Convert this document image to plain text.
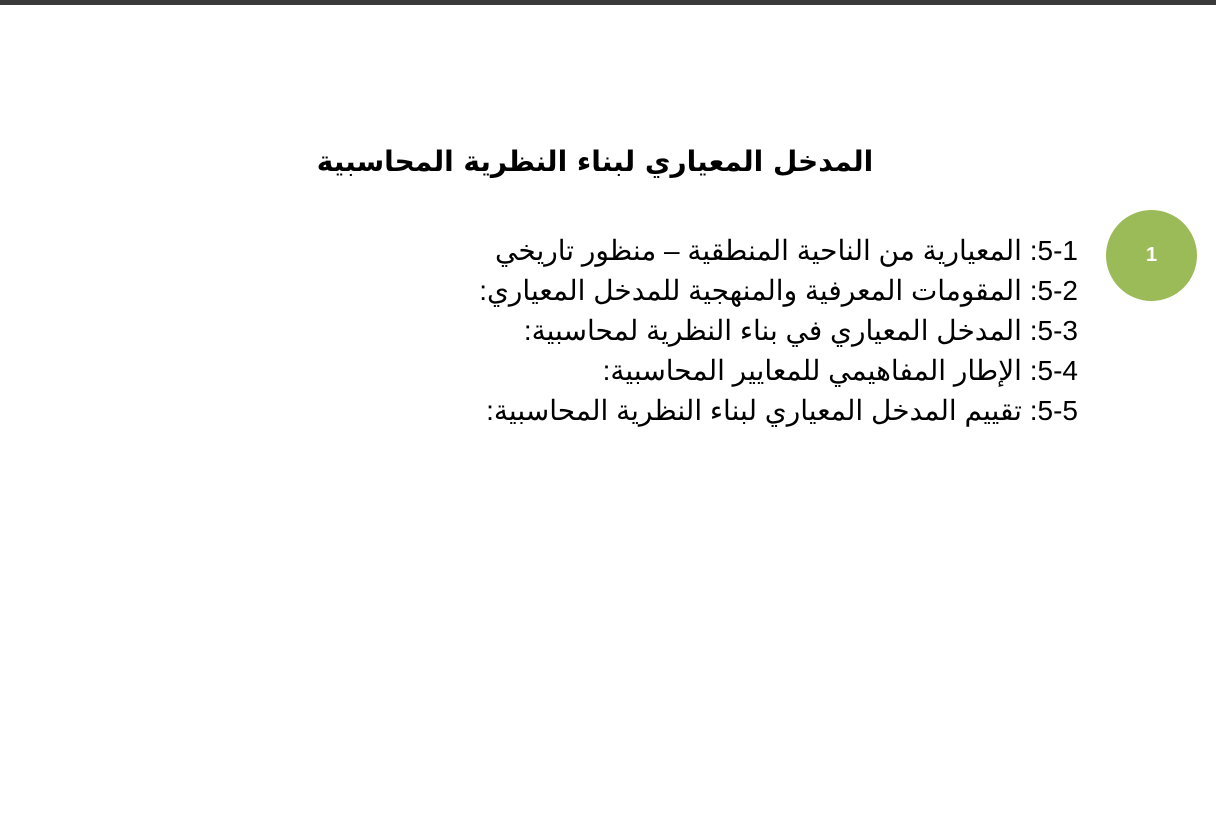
المدخل المعياري لبناء النظرية المحاسبية
1
5-1: المعيارية من الناحية المنطقية – منظور تاريخي
5-2: المقومات المعرفية والمنهجية للمدخل المعياري:
5-3: المدخل المعياري في بناء النظرية لمحاسبية:
5-4: الإطار المفاهيمي للمعايير المحاسبية:
5-5: تقييم المدخل المعياري لبناء النظرية المحاسبية:
